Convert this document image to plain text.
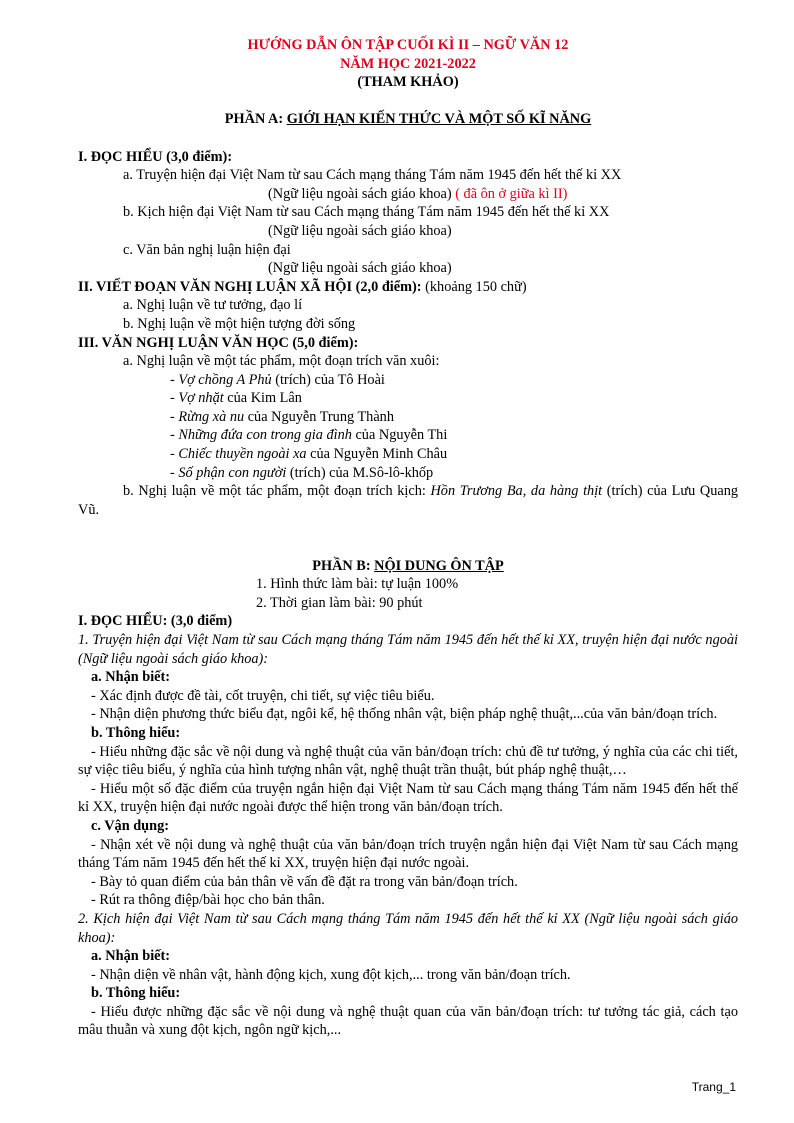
HƯỚNG DẪN ÔN TẬP CUỐI KÌ II – NGỮ VĂN 12
NĂM HỌC 2021-2022
(THAM KHẢO)
PHẦN A: GIỚI HẠN KIẾN THỨC VÀ MỘT SỐ KĨ NĂNG
I. ĐỌC HIỂU (3,0 điểm):
a. Truyện hiện đại Việt Nam từ sau Cách mạng tháng Tám năm 1945 đến hết thế kỉ XX
(Ngữ liệu ngoài sách giáo khoa) ( đã ôn ở giữa kì II)
b. Kịch hiện đại Việt Nam từ sau Cách mạng tháng Tám năm 1945 đến hết thế kỉ XX
(Ngữ liệu ngoài sách giáo khoa)
c. Văn bản nghị luận hiện đại
(Ngữ liệu ngoài sách giáo khoa)
II. VIẾT ĐOẠN VĂN NGHỊ LUẬN XÃ HỘI (2,0 điểm): (khoảng 150 chữ)
a. Nghị luận về tư tưởng, đạo lí
b. Nghị luận về một hiện tượng đời sống
III. VĂN NGHỊ LUẬN VĂN HỌC (5,0 điểm):
a. Nghị luận về một tác phẩm, một đoạn trích văn xuôi:
- Vợ chồng A Phủ (trích) của Tô Hoài
- Vợ nhặt của Kim Lân
- Rừng xà nu của Nguyễn Trung Thành
- Những đứa con trong gia đình của Nguyễn Thi
- Chiếc thuyền ngoài xa của Nguyễn Minh Châu
- Số phận con người (trích) của M.Sô-lô-khốp
b. Nghị luận về một tác phẩm, một đoạn trích kịch: Hồn Trương Ba, da hàng thịt (trích) của Lưu Quang Vũ.
PHẦN B: NỘI DUNG ÔN TẬP
1. Hình thức làm bài: tự luận 100%
2. Thời gian làm bài: 90 phút
I. ĐỌC HIỂU: (3,0 điểm)
1. Truyện hiện đại Việt Nam từ sau Cách mạng tháng Tám năm 1945 đến hết thế kỉ XX, truyện hiện đại nước ngoài (Ngữ liệu ngoài sách giáo khoa):
a. Nhận biết:
- Xác định được đề tài, cốt truyện, chi tiết, sự việc tiêu biểu.
- Nhận diện phương thức biểu đạt, ngôi kể, hệ thống nhân vật, biện pháp nghệ thuật,...của văn bản/đoạn trích.
b. Thông hiểu:
- Hiểu những đặc sắc về nội dung và nghệ thuật của văn bản/đoạn trích: chủ đề tư tưởng, ý nghĩa của các chi tiết, sự việc tiêu biểu, ý nghĩa của hình tượng nhân vật, nghệ thuật trần thuật, bút pháp nghệ thuật,…
- Hiểu một số đặc điểm của truyện ngắn hiện đại Việt Nam từ sau Cách mạng tháng Tám năm 1945 đến hết thế kỉ XX, truyện hiện đại nước ngoài được thể hiện trong văn bản/đoạn trích.
c. Vận dụng:
- Nhận xét về nội dung và nghệ thuật của văn bản/đoạn trích truyện ngắn hiện đại Việt Nam từ sau Cách mạng tháng Tám năm 1945 đến hết thế kỉ XX, truyện hiện đại nước ngoài.
- Bày tỏ quan điểm của bản thân về vấn đề đặt ra trong văn bản/đoạn trích.
- Rút ra thông điệp/bài học cho bản thân.
2. Kịch hiện đại Việt Nam từ sau Cách mạng tháng Tám năm 1945 đến hết thế kỉ XX (Ngữ liệu ngoài sách giáo khoa):
a. Nhận biết:
- Nhận diện về nhân vật, hành động kịch, xung đột kịch,... trong văn bản/đoạn trích.
b. Thông hiểu:
- Hiểu được những đặc sắc về nội dung và nghệ thuật quan của văn bản/đoạn trích: tư tưởng tác giả, cách tạo mâu thuẫn và xung đột kịch, ngôn ngữ kịch,...
Trang_1
